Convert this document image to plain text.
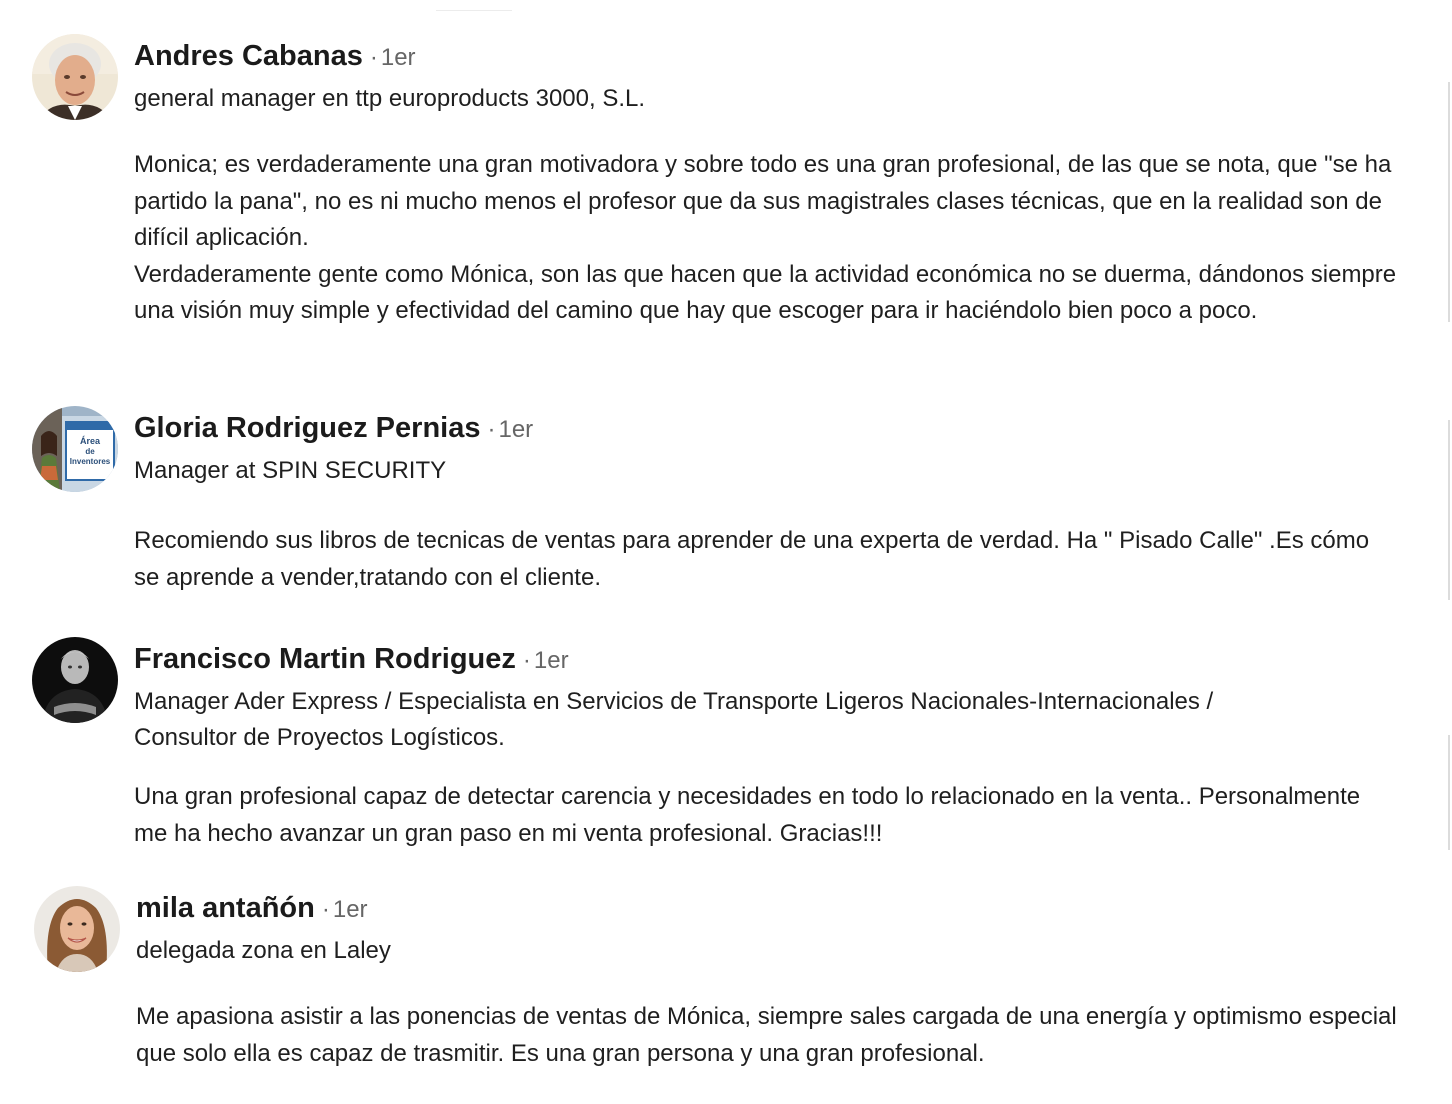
Andres Cabanas · 1er
general manager en ttp europroducts 3000, S.L.

Monica; es verdaderamente una gran motivadora y sobre todo es una gran profesional, de las que se nota, que "se ha partido la pana", no es ni mucho menos el profesor que da sus magistrales clases técnicas, que en la realidad son de difícil aplicación.

Verdaderamente gente como Mónica, son las que hacen que la actividad económica no se duerma, dándonos siempre una visión muy simple y efectividad del camino que hay que escoger para ir haciéndolo bien poco a poco.

Área
de
Inventores
Gloria Rodriguez Pernias · 1er
Manager at SPIN SECURITY

Recomiendo sus libros de tecnicas de ventas para aprender de una experta de verdad. Ha " Pisado Calle" .Es cómo se aprende a vender,tratando con el cliente.

Francisco Martin Rodriguez · 1er
Manager Ader Express / Especialista en Servicios de Transporte Ligeros Nacionales-Internacionales /
Consultor de Proyectos Logísticos.

Una gran profesional capaz de detectar carencia y necesidades en todo lo relacionado en la venta.. Personalmente me ha hecho avanzar un gran paso en mi venta profesional. Gracias!!!

mila antañón · 1er
delegada zona en Laley

Me apasiona asistir a las ponencias de ventas de Mónica, siempre sales cargada de una energía y optimismo especial que solo ella es capaz de trasmitir. Es una gran persona y una gran profesional.
